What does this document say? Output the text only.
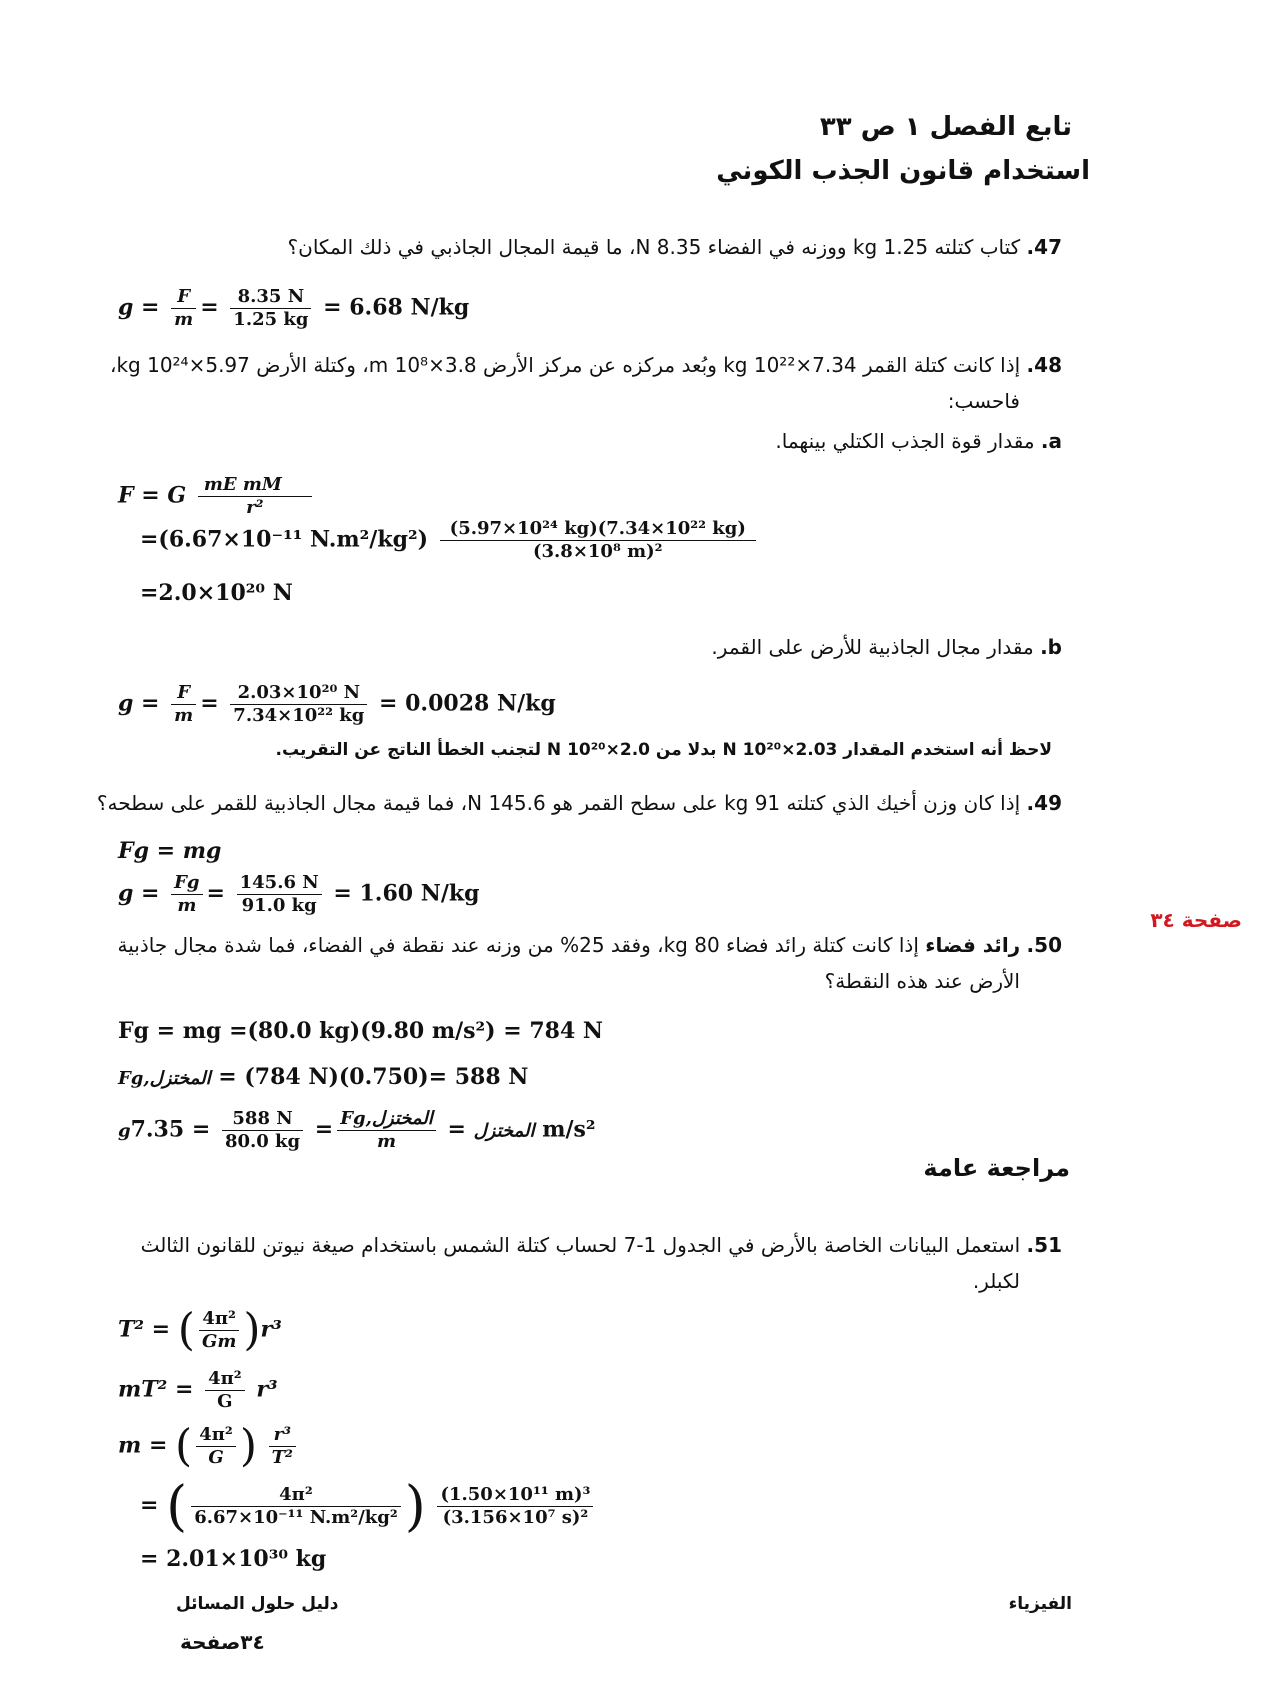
تابع الفصل ١ ص ٣٣
استخدام قانون الجذب الكوني
47. كتاب كتلته 1.25 kg ووزنه في الفضاء 8.35 N، ما قيمة المجال الجاذبي في ذلك المكان؟
$g = \frac{F}{m} = \frac{8.35 N}{1.25 kg} = 6.68$ N/kg
48. إذا كانت كتلة القمر 7.34×10²² kg وبُعد مركزه عن مركز الأرض 3.8×10⁸ m، وكتلة الأرض 5.97×10²⁴ kg،
فاحسب:
a. مقدار قوة الجذب الكتلي بينهما.
F = G $\frac{\text{mE mM}}{\text{r²}}$
=(6.67×10⁻¹¹ $N.m^2/kg^2) \frac{\text{(5.97×10²⁴ kg)(7.34×10²² kg)}}{\text{(3.8×10⁸ m)²}}$
=2.0×10²⁰ N
b. مقدار مجال الجاذبية للأرض على القمر.
$g = \frac{F}{m} = \frac{\text{2.03×10²⁰ N}}{\text{7.34×10²² kg}} = 0.0028$ N/kg
لاحظ أنه استخدم المقدار 2.03×10²⁰ N بدلا من 2.0×10²⁰ N لتجنب الخطأ الناتج عن التقريب.
49. إذا كان وزن أخيك الذي كتلته 91 kg على سطح القمر هو 145.6 N، فما قيمة مجال الجاذبية للقمر على سطحه؟
Fg = mg
$g = \frac{Fg}{m} = \frac{145.6 N}{91.0 kg} = 1.60$ N/kg
صفحة ٣٤
50. رائد فضاء إذا كانت كتلة رائد فضاء 80 kg، وفقد 25% من وزنه عند نقطة في الفضاء، فما شدة مجال جاذبية
الأرض عند هذه النقطة؟
Fg = mg =(80.0 kg)(9.80 m/s²) = 784 N
Fg,المختزل = (784 N)(0.750)= 588 N
gالمختزل =
$\frac{\text{Fg,المختزل}}{m}$
=
$\frac{588 N}{80.0 kg}$
= 7.35 m/s²
مراجعة عامة
51. استعمل البيانات الخاصة بالأرض في الجدول 1-7 لحساب كتلة الشمس باستخدام صيغة نيوتن للقانون الثالث
لكبلر.
T² = ( $\frac{\text{4π²}}{Gm} )r^3$
$mT^2 = \frac{\text{4π²}}{G} r^3$
m = ( $\frac{\text{4π²}}{G}$ ) $\frac{\text{r³}}{\text{T²}}$
= ( $\frac{\text{4π²}}{\text{6.67×10⁻¹¹ N.m²/kg²}}$ ) $\frac{\text{(1.50×10¹¹ m)³}}{\text{(3.156×10⁷ s)²}}$
= 2.01×10³⁰ kg
الفيزياء
دليل حلول المسائل
٣٤صفحة
